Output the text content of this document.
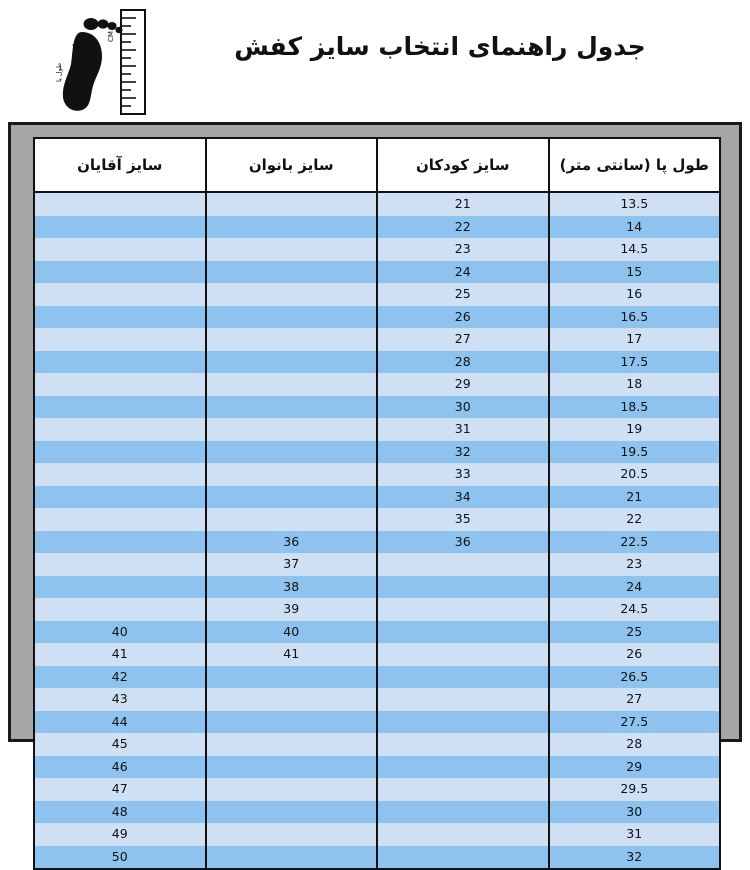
CM
طول پا
جدول راهنمای انتخاب سایز کفش
طول پا (سانتی متر)	سایز کودکان	سایز بانوان	سایز آقایان
13.5	21		
14	22		
14.5	23		
15	24		
16	25		
16.5	26		
17	27		
17.5	28		
18	29		
18.5	30		
19	31		
19.5	32		
20.5	33		
21	34		
22	35		
22.5	36	36	
23		37	
24		38	
24.5		39	
25		40	40
26		41	41
26.5			42
27			43
27.5			44
28			45
29			46
29.5			47
30			48
31			49
32			50
